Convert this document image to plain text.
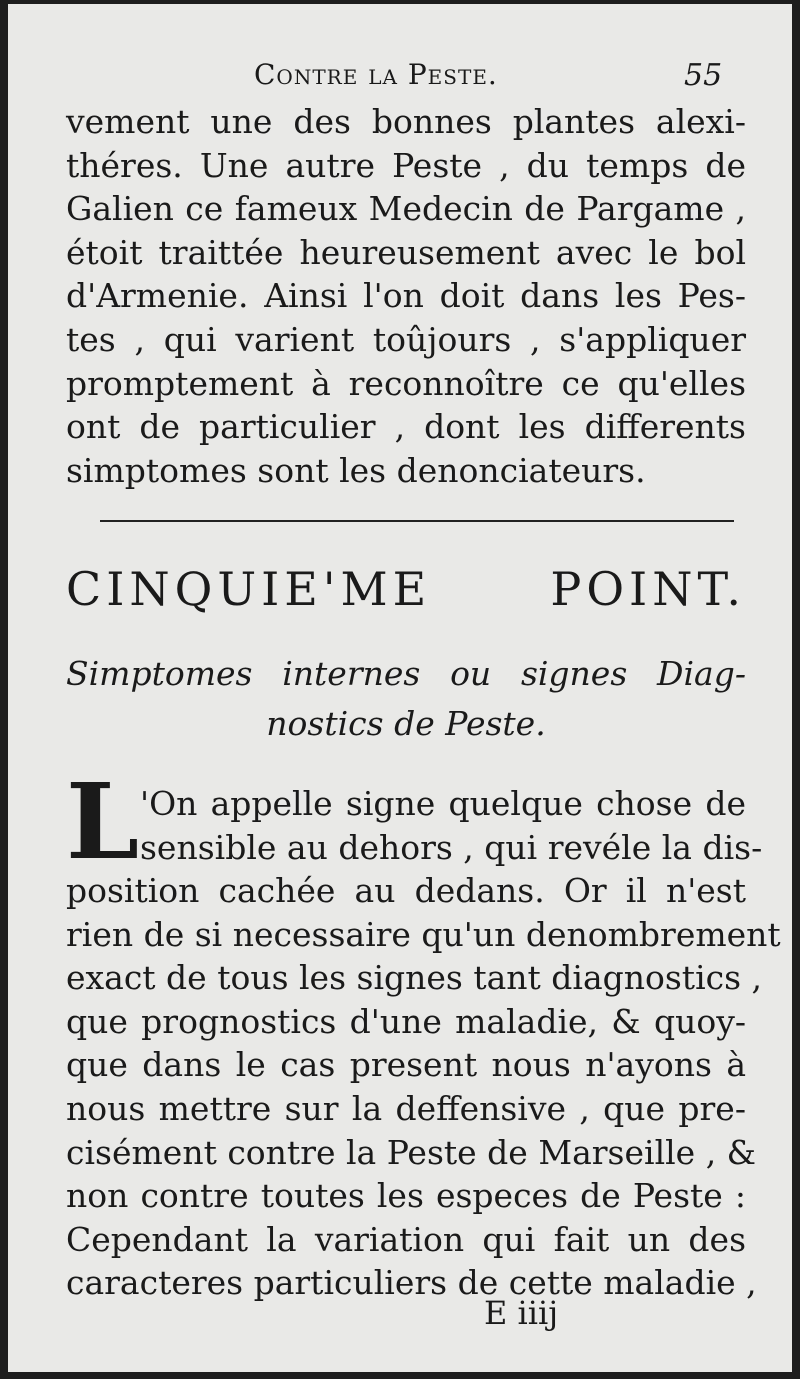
Contre la Peste.	55
vement une des bonnes plantes alexi-
théres. Une autre Peste , du temps de
Galien ce fameux Medecin de Pargame ,
étoit traittée heureusement avec le bol
d'Armenie. Ainsi l'on doit dans les Pes-
tes , qui varient toûjours , s'appliquer
promptement à reconnoître ce qu'elles
ont de particulier , dont les differents
simptomes sont les denonciateurs.
CINQUIE'ME POINT.
Simptomes internes ou signes Diag-
nostics de Peste.
L 'On appelle signe quelque chose de
sensible au dehors , qui revéle la dis-
position cachée au dedans. Or il n'est
rien de si necessaire qu'un denombrement
exact de tous les signes tant diagnostics ,
que prognostics d'une maladie, & quoy-
que dans le cas present nous n'ayons à
nous mettre sur la deffensive , que pre-
cisément contre la Peste de Marseille , &
non contre toutes les especes de Peste :
Cependant la variation qui fait un des
caracteres particuliers de cette maladie ,
E iiij
